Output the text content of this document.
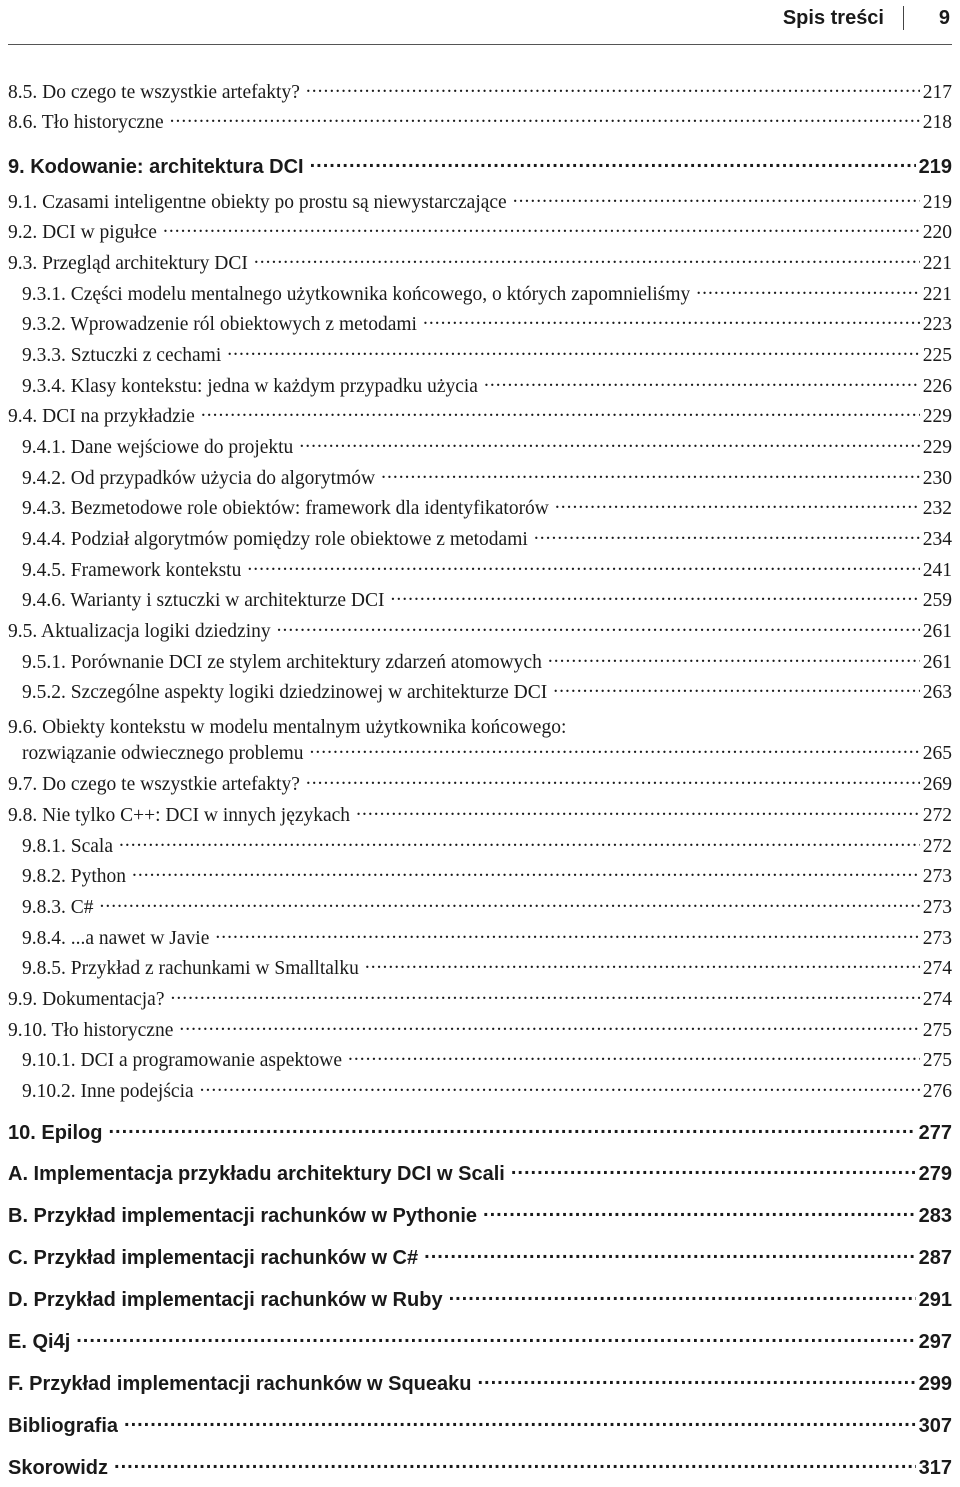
Spis treści	9
8.5. Do czego te wszystkie artefakty? .....	217
8.6. Tło historyczne .....	218
9. Kodowanie: architektura DCI .....	219
9.1. Czasami inteligentne obiekty po prostu są niewystarczające .....	219
9.2. DCI w pigułce .....	220
9.3. Przegląd architektury DCI .....	221
9.3.1. Części modelu mentalnego użytkownika końcowego, o których zapomnieliśmy .....	221
9.3.2. Wprowadzenie ról obiektowych z metodami .....	223
9.3.3. Sztuczki z cechami .....	225
9.3.4. Klasy kontekstu: jedna w każdym przypadku użycia .....	226
9.4. DCI na przykładzie .....	229
9.4.1. Dane wejściowe do projektu .....	229
9.4.2. Od przypadków użycia do algorytmów .....	230
9.4.3. Bezmetodowe role obiektów: framework dla identyfikatorów .....	232
9.4.4. Podział algorytmów pomiędzy role obiektowe z metodami .....	234
9.4.5. Framework kontekstu .....	241
9.4.6. Warianty i sztuczki w architekturze DCI .....	259
9.5. Aktualizacja logiki dziedziny .....	261
9.5.1. Porównanie DCI ze stylem architektury zdarzeń atomowych .....	261
9.5.2. Szczególne aspekty logiki dziedzinowej w architekturze DCI .....	263
9.6. Obiekty kontekstu w modelu mentalnym użytkownika końcowego:
rozwiązanie odwiecznego problemu .....	265
9.7. Do czego te wszystkie artefakty? .....	269
9.8. Nie tylko C++: DCI w innych językach .....	272
9.8.1. Scala .....	272
9.8.2. Python .....	273
9.8.3. C# .....	273
9.8.4. ...a nawet w Javie .....	273
9.8.5. Przykład z rachunkami w Smalltalku .....	274
9.9. Dokumentacja? .....	274
9.10. Tło historyczne .....	275
9.10.1. DCI a programowanie aspektowe .....	275
9.10.2. Inne podejścia .....	276
10. Epilog .....	277
A. Implementacja przykładu architektury DCI w Scali .....	279
B. Przykład implementacji rachunków w Pythonie .....	283
C. Przykład implementacji rachunków w C# .....	287
D. Przykład implementacji rachunków w Ruby .....	291
E. Qi4j .....	297
F. Przykład implementacji rachunków w Squeaku .....	299
Bibliografia .....	307
Skorowidz .....	317
